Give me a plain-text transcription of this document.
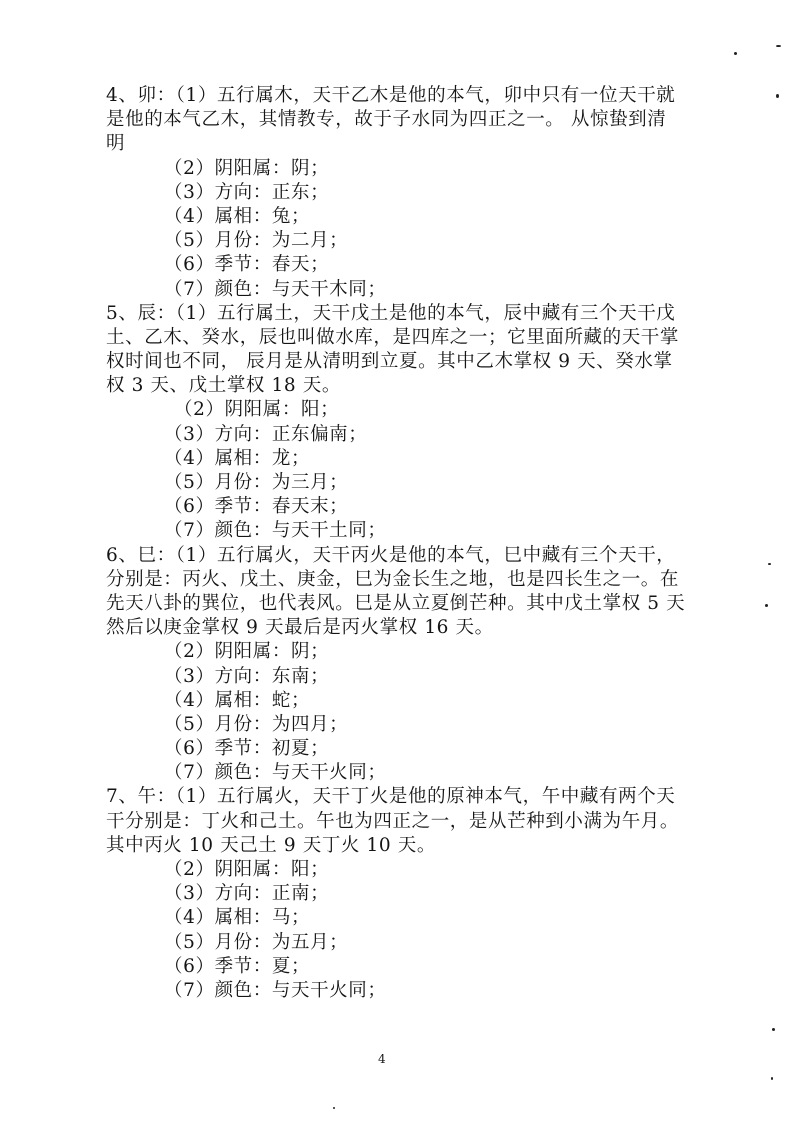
4、卯：（1）五行属木，天干乙木是他的本气，卯中只有一位天干就
是他的本气乙木，其情教专，故于子水同为四正之一。 从惊蛰到清
明
（2）阴阳属：阴；
（3）方向：正东；
（4）属相：兔；
（5）月份：为二月；
（6）季节：春天；
（7）颜色：与天干木同；
5、辰：（1）五行属土，天干戊土是他的本气，辰中藏有三个天干戊
土、乙木、癸水，辰也叫做水库，是四库之一；它里面所藏的天干掌
权时间也不同， 辰月是从清明到立夏。其中乙木掌权 9 天、癸水掌
权 3 天、戊土掌权 18 天。
（2）阴阳属：阳；
（3）方向：正东偏南；
（4）属相：龙；
（5）月份：为三月；
（6）季节：春天末；
（7）颜色：与天干土同；
6、巳：（1）五行属火，天干丙火是他的本气，巳中藏有三个天干，
分别是：丙火、戊土、庚金，巳为金长生之地，也是四长生之一。在
先天八卦的巽位，也代表风。巳是从立夏倒芒种。其中戊土掌权 5 天
然后以庚金掌权 9 天最后是丙火掌权 16 天。
（2）阴阳属：阴；
（3）方向：东南；
（4）属相：蛇；
（5）月份：为四月；
（6）季节：初夏；
（7）颜色：与天干火同；
7、午：（1）五行属火，天干丁火是他的原神本气，午中藏有两个天
干分别是：丁火和己土。午也为四正之一，是从芒种到小满为午月。
其中丙火 10 天己土 9 天丁火 10 天。
（2）阴阳属：阳；
（3）方向：正南；
（4）属相：马；
（5）月份：为五月；
（6）季节：夏；
（7）颜色：与天干火同；
4
